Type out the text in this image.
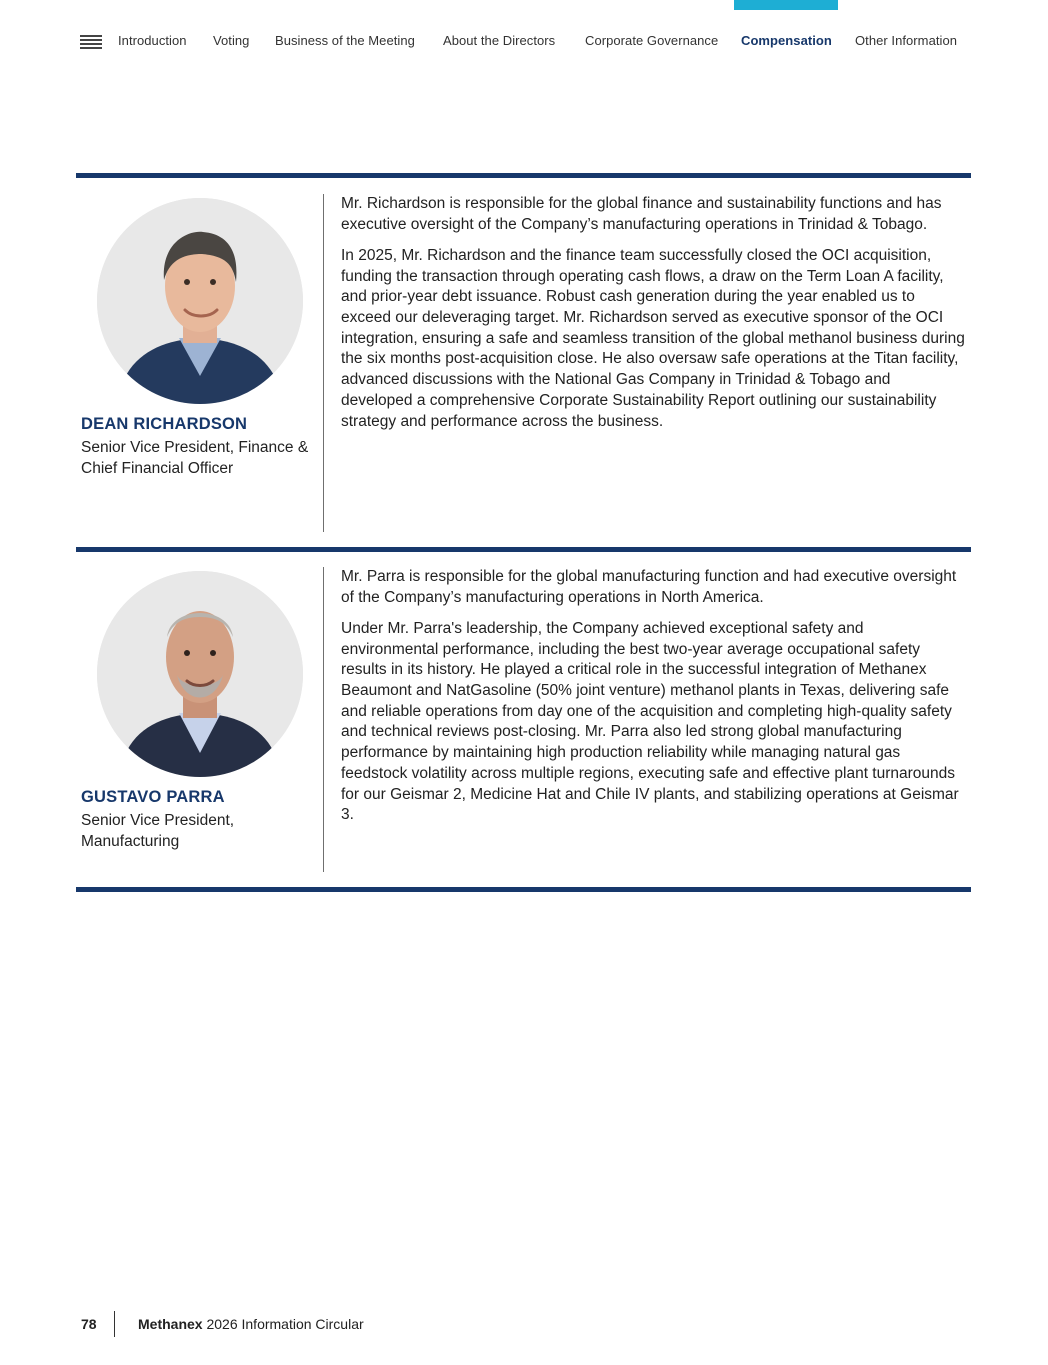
Introduction Voting Business of the Meeting About the Directors Corporate Governance Compensation Other Information
DEAN RICHARDSON
Senior Vice President, Finance & Chief Financial Officer

Mr. Richardson is responsible for the global finance and sustainability functions and has executive oversight of the Company’s manufacturing operations in Trinidad & Tobago.

In 2025, Mr. Richardson and the finance team successfully closed the OCI acquisition, funding the transaction through operating cash flows, a draw on the Term Loan A facility, and prior-year debt issuance. Robust cash generation during the year enabled us to exceed our deleveraging target. Mr. Richardson served as executive sponsor of the OCI integration, ensuring a safe and seamless transition of the global methanol business during the six months post-acquisition close. He also oversaw safe operations at the Titan facility, advanced discussions with the National Gas Company in Trinidad & Tobago and developed a comprehensive Corporate Sustainability Report outlining our sustainability strategy and performance across the business.

GUSTAVO PARRA
Senior Vice President, Manufacturing

Mr. Parra is responsible for the global manufacturing function and had executive oversight of the Company’s manufacturing operations in North America.

Under Mr. Parra's leadership, the Company achieved exceptional safety and environmental performance, including the best two-year average occupational safety results in its history. He played a critical role in the successful integration of Methanex Beaumont and NatGasoline (50% joint venture) methanol plants in Texas, delivering safe and reliable operations from day one of the acquisition and completing high-quality safety and technical reviews post-closing. Mr. Parra also led strong global manufacturing performance by maintaining high production reliability while managing natural gas feedstock volatility across multiple regions, executing safe and effective plant turnarounds for our Geismar 2, Medicine Hat and Chile IV plants, and stabilizing operations at Geismar 3.

78	Methanex 2026 Information Circular
